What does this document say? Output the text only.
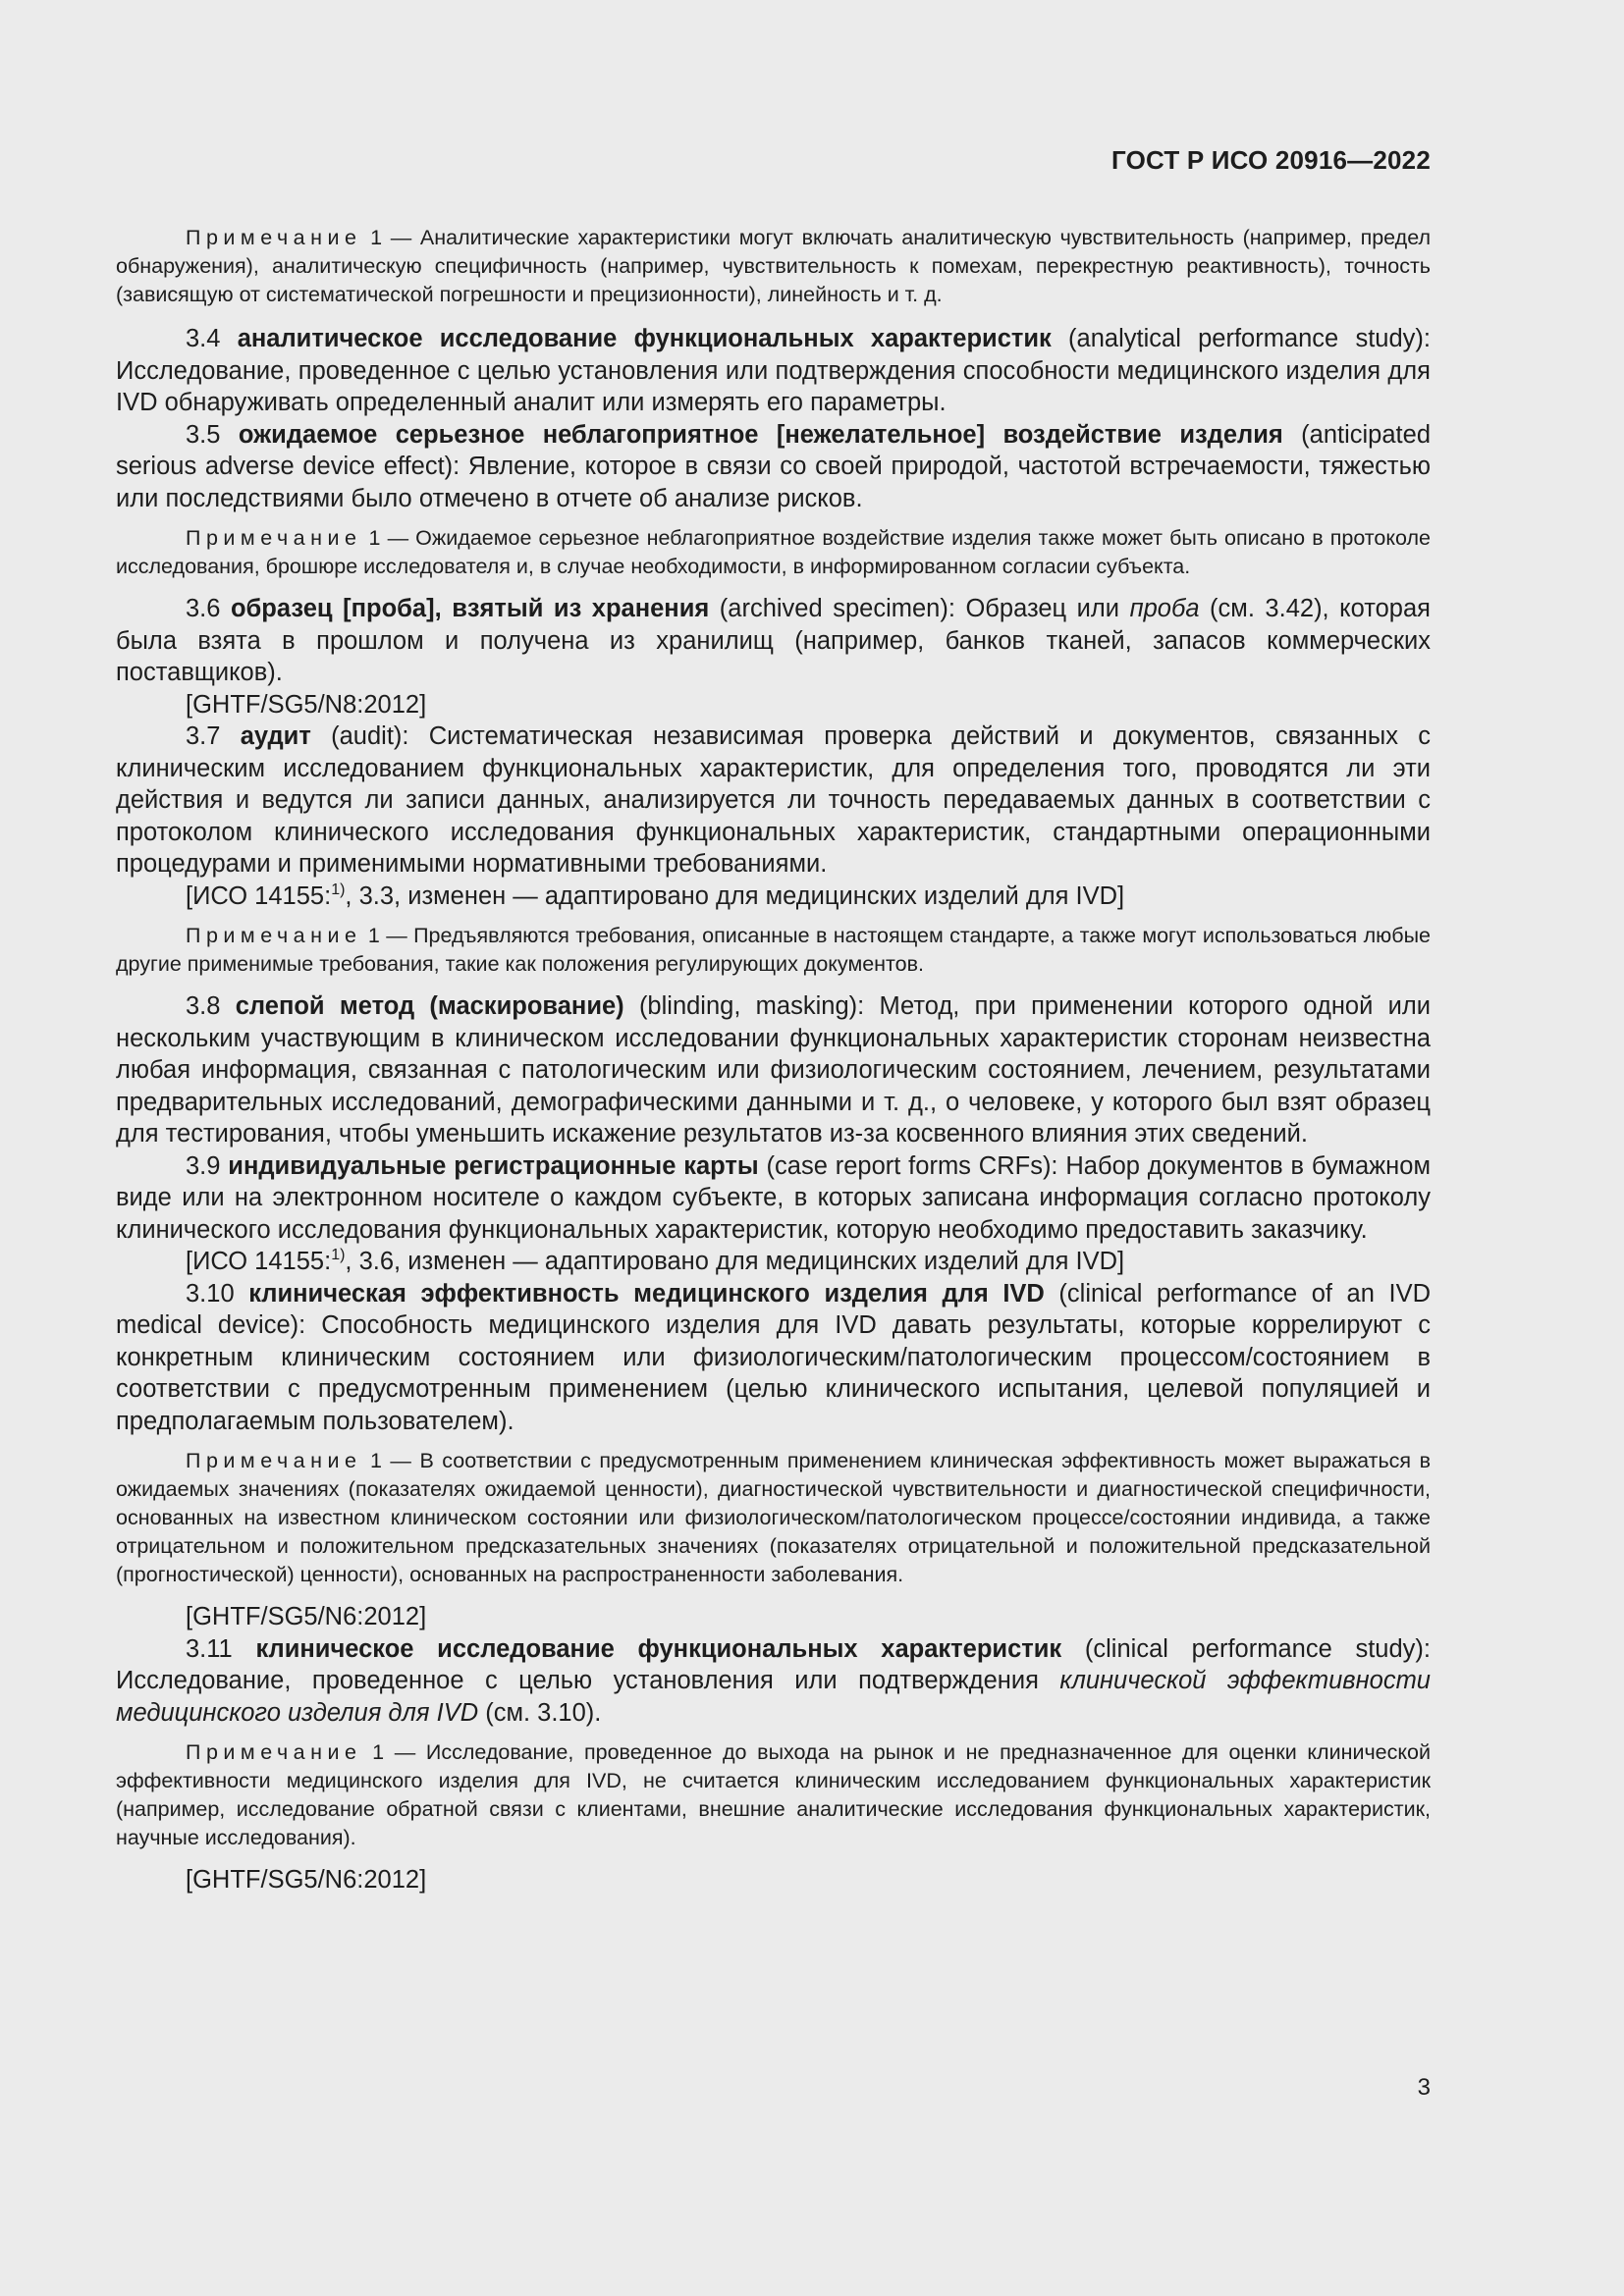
ГОСТ Р ИСО 20916—2022

Примечание 1 — Аналитические характеристики могут включать аналитическую чувствительность (например, предел обнаружения), аналитическую специфичность (например, чувствительность к помехам, перекрестную реактивность), точность (зависящую от систематической погрешности и прецизионности), линейность и т. д.

3.4 аналитическое исследование функциональных характеристик (analytical performance study): Исследование, проведенное с целью установления или подтверждения способности медицинского изделия для IVD обнаруживать определенный аналит или измерять его параметры.

3.5 ожидаемое серьезное неблагоприятное [нежелательное] воздействие изделия (anticipated serious adverse device effect): Явление, которое в связи со своей природой, частотой встречаемости, тяжестью или последствиями было отмечено в отчете об анализе рисков.

Примечание 1 — Ожидаемое серьезное неблагоприятное воздействие изделия также может быть описано в протоколе исследования, брошюре исследователя и, в случае необходимости, в информированном согласии субъекта.

3.6 образец [проба], взятый из хранения (archived specimen): Образец или проба (см. 3.42), которая была взята в прошлом и получена из хранилищ (например, банков тканей, запасов коммерческих поставщиков).

[GHTF/SG5/N8:2012]

3.7 аудит (audit): Систематическая независимая проверка действий и документов, связанных с клиническим исследованием функциональных характеристик, для определения того, проводятся ли эти действия и ведутся ли записи данных, анализируется ли точность передаваемых данных в соответствии с протоколом клинического исследования функциональных характеристик, стандартными операционными процедурами и применимыми нормативными требованиями.

[ИСО 14155:$^{1)}$, 3.3, изменен — адаптировано для медицинских изделий для IVD]

Примечание 1 — Предъявляются требования, описанные в настоящем стандарте, а также могут использоваться любые другие применимые требования, такие как положения регулирующих документов.

3.8 слепой метод (маскирование) (blinding, masking): Метод, при применении которого одной или нескольким участвующим в клиническом исследовании функциональных характеристик сторонам неизвестна любая информация, связанная с патологическим или физиологическим состоянием, лечением, результатами предварительных исследований, демографическими данными и т. д., о человеке, у которого был взят образец для тестирования, чтобы уменьшить искажение результатов из-за косвенного влияния этих сведений.

3.9 индивидуальные регистрационные карты (case report forms CRFs): Набор документов в бумажном виде или на электронном носителе о каждом субъекте, в которых записана информация согласно протоколу клинического исследования функциональных характеристик, которую необходимо предоставить заказчику.

[ИСО 14155:$^{1)}$, 3.6, изменен — адаптировано для медицинских изделий для IVD]

3.10 клиническая эффективность медицинского изделия для IVD (clinical performance of an IVD medical device): Способность медицинского изделия для IVD давать результаты, которые коррелируют с конкретным клиническим состоянием или физиологическим/патологическим процессом/состоянием в соответствии с предусмотренным применением (целью клинического испытания, целевой популяцией и предполагаемым пользователем).

Примечание 1 — В соответствии с предусмотренным применением клиническая эффективность может выражаться в ожидаемых значениях (показателях ожидаемой ценности), диагностической чувствительности и диагностической специфичности, основанных на известном клиническом состоянии или физиологическом/патологическом процессе/состоянии индивида, а также отрицательном и положительном предсказательных значениях (показателях отрицательной и положительной предсказательной (прогностической) ценности), основанных на распространенности заболевания.

[GHTF/SG5/N6:2012]

3.11 клиническое исследование функциональных характеристик (clinical performance study): Исследование, проведенное с целью установления или подтверждения клинической эффективности медицинского изделия для IVD (см. 3.10).

Примечание 1 — Исследование, проведенное до выхода на рынок и не предназначенное для оценки клинической эффективности медицинского изделия для IVD, не считается клиническим исследованием функциональных характеристик (например, исследование обратной связи с клиентами, внешние аналитические исследования функциональных характеристик, научные исследования).

[GHTF/SG5/N6:2012]

3
